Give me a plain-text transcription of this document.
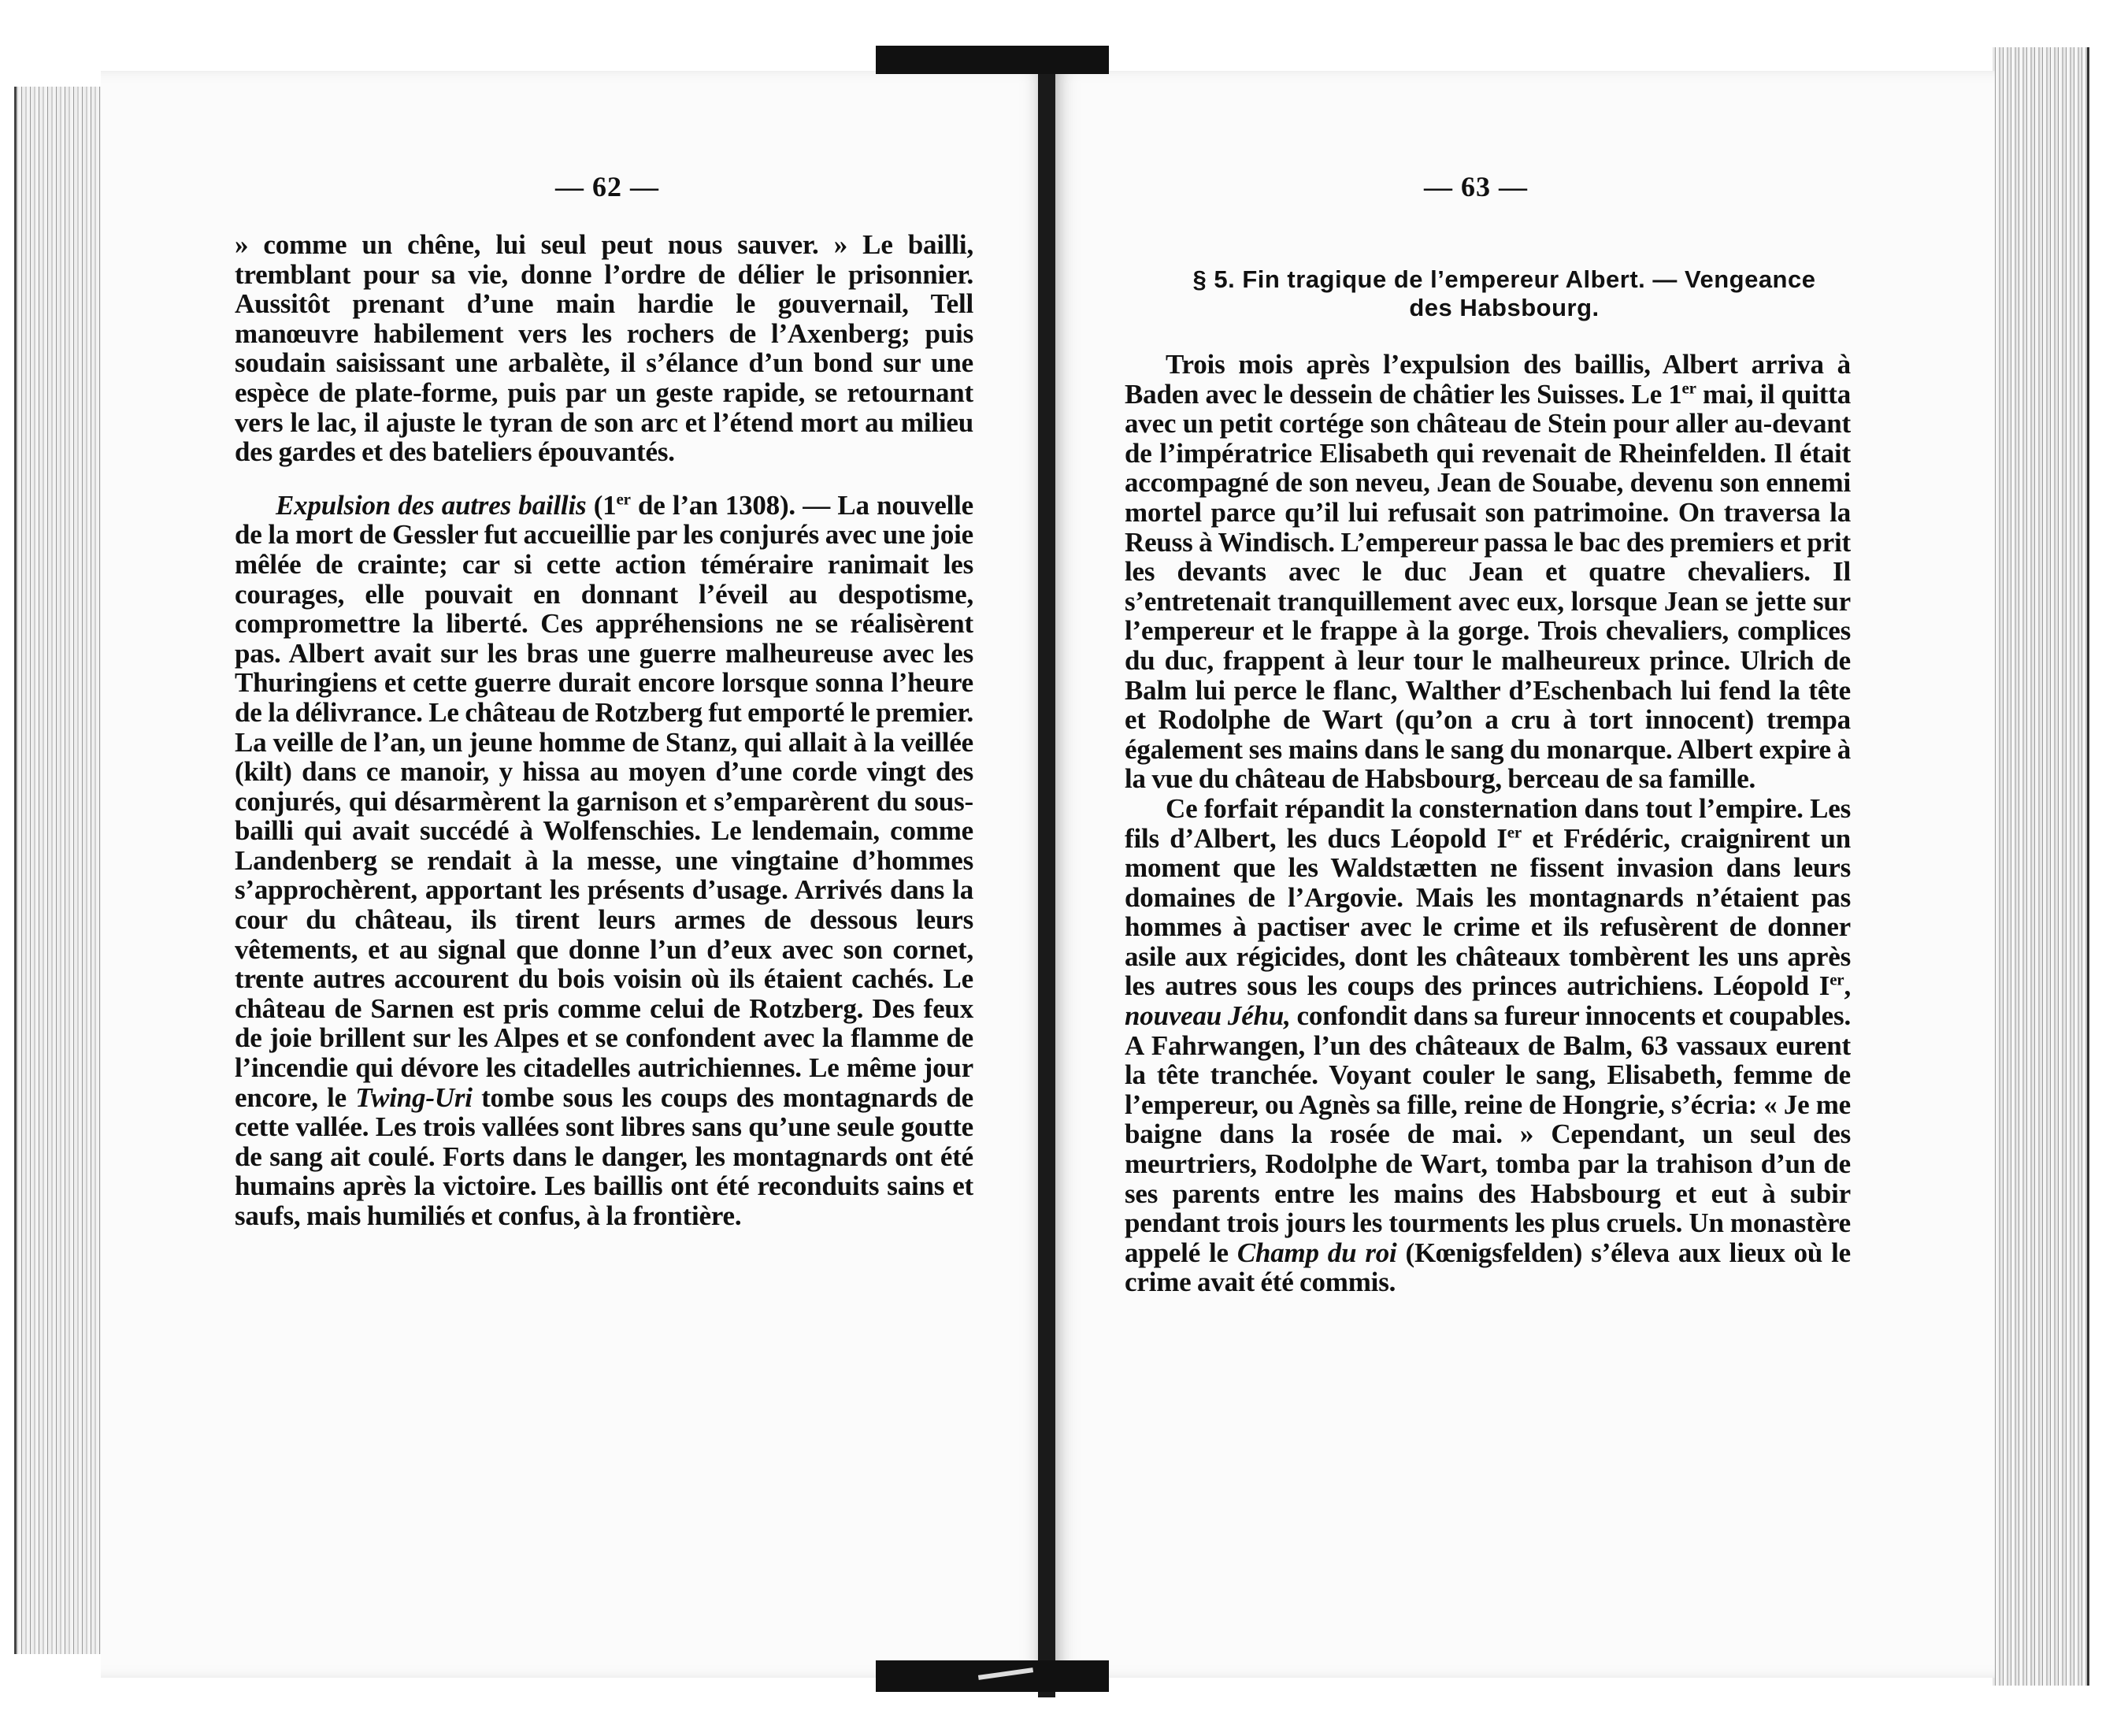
— 62 —

» comme un chêne, lui seul peut nous sauver. » Le bailli, tremblant pour sa vie, donne l’ordre de délier le prisonnier. Aussitôt prenant d’une main hardie le gouvernail, Tell manœuvre habilement vers les rochers de l’Axenberg; puis soudain saisissant une arbalète, il s’élance d’un bond sur une espèce de plate-forme, puis par un geste rapide, se retournant vers le lac, il ajuste le tyran de son arc et l’étend mort au milieu des gardes et des bateliers épouvantés.

Expulsion des autres baillis (1er de l’an 1308). — La nouvelle de la mort de Gessler fut accueillie par les conjurés avec une joie mêlée de crainte; car si cette action téméraire ranimait les courages, elle pouvait en donnant l’éveil au despotisme, compromettre la liberté. Ces appréhensions ne se réalisèrent pas. Albert avait sur les bras une guerre malheureuse avec les Thuringiens et cette guerre durait encore lorsque sonna l’heure de la délivrance. Le château de Rotzberg fut emporté le premier. La veille de l’an, un jeune homme de Stanz, qui allait à la veillée (kilt) dans ce manoir, y hissa au moyen d’une corde vingt des conjurés, qui désarmèrent la garnison et s’emparèrent du sous-bailli qui avait succédé à Wolfenschies. Le lendemain, comme Landenberg se rendait à la messe, une vingtaine d’hommes s’approchèrent, apportant les présents d’usage. Arrivés dans la cour du château, ils tirent leurs armes de dessous leurs vêtements, et au signal que donne l’un d’eux avec son cornet, trente autres accourent du bois voisin où ils étaient cachés. Le château de Sarnen est pris comme celui de Rotzberg. Des feux de joie brillent sur les Alpes et se confondent avec la flamme de l’incendie qui dévore les citadelles autrichiennes. Le même jour encore, le Twing-Uri tombe sous les coups des montagnards de cette vallée. Les trois vallées sont libres sans qu’une seule goutte de sang ait coulé. Forts dans le danger, les montagnards ont été humains après la victoire. Les baillis ont été reconduits sains et saufs, mais humiliés et confus, à la frontière.

— 63 —
§ 5. Fin tragique de l’empereur Albert. — Vengeance
des Habsbourg.

Trois mois après l’expulsion des baillis, Albert arriva à Baden avec le dessein de châtier les Suisses. Le 1er mai, il quitta avec un petit cortége son château de Stein pour aller au-devant de l’impératrice Elisabeth qui revenait de Rheinfelden. Il était accompagné de son neveu, Jean de Souabe, devenu son ennemi mortel parce qu’il lui refusait son patrimoine. On traversa la Reuss à Windisch. L’empereur passa le bac des premiers et prit les devants avec le duc Jean et quatre chevaliers. Il s’entretenait tranquillement avec eux, lorsque Jean se jette sur l’empereur et le frappe à la gorge. Trois chevaliers, complices du duc, frappent à leur tour le malheureux prince. Ulrich de Balm lui perce le flanc, Walther d’Eschenbach lui fend la tête et Rodolphe de Wart (qu’on a cru à tort innocent) trempa également ses mains dans le sang du monarque. Albert expire à la vue du château de Habsbourg, berceau de sa famille.

Ce forfait répandit la consternation dans tout l’empire. Les fils d’Albert, les ducs Léopold Ier et Frédéric, craignirent un moment que les Waldstætten ne fissent invasion dans leurs domaines de l’Argovie. Mais les montagnards n’étaient pas hommes à pactiser avec le crime et ils refusèrent de donner asile aux régicides, dont les châteaux tombèrent les uns après les autres sous les coups des princes autrichiens. Léopold Ier, nouveau Jéhu, confondit dans sa fureur innocents et coupables. A Fahrwangen, l’un des châteaux de Balm, 63 vassaux eurent la tête tranchée. Voyant couler le sang, Elisabeth, femme de l’empereur, ou Agnès sa fille, reine de Hongrie, s’écria: « Je me baigne dans la rosée de mai. » Cependant, un seul des meurtriers, Rodolphe de Wart, tomba par la trahison d’un de ses parents entre les mains des Habsbourg et eut à subir pendant trois jours les tourments les plus cruels. Un monastère appelé le Champ du roi (Kœnigsfelden) s’éleva aux lieux où le crime avait été commis.
